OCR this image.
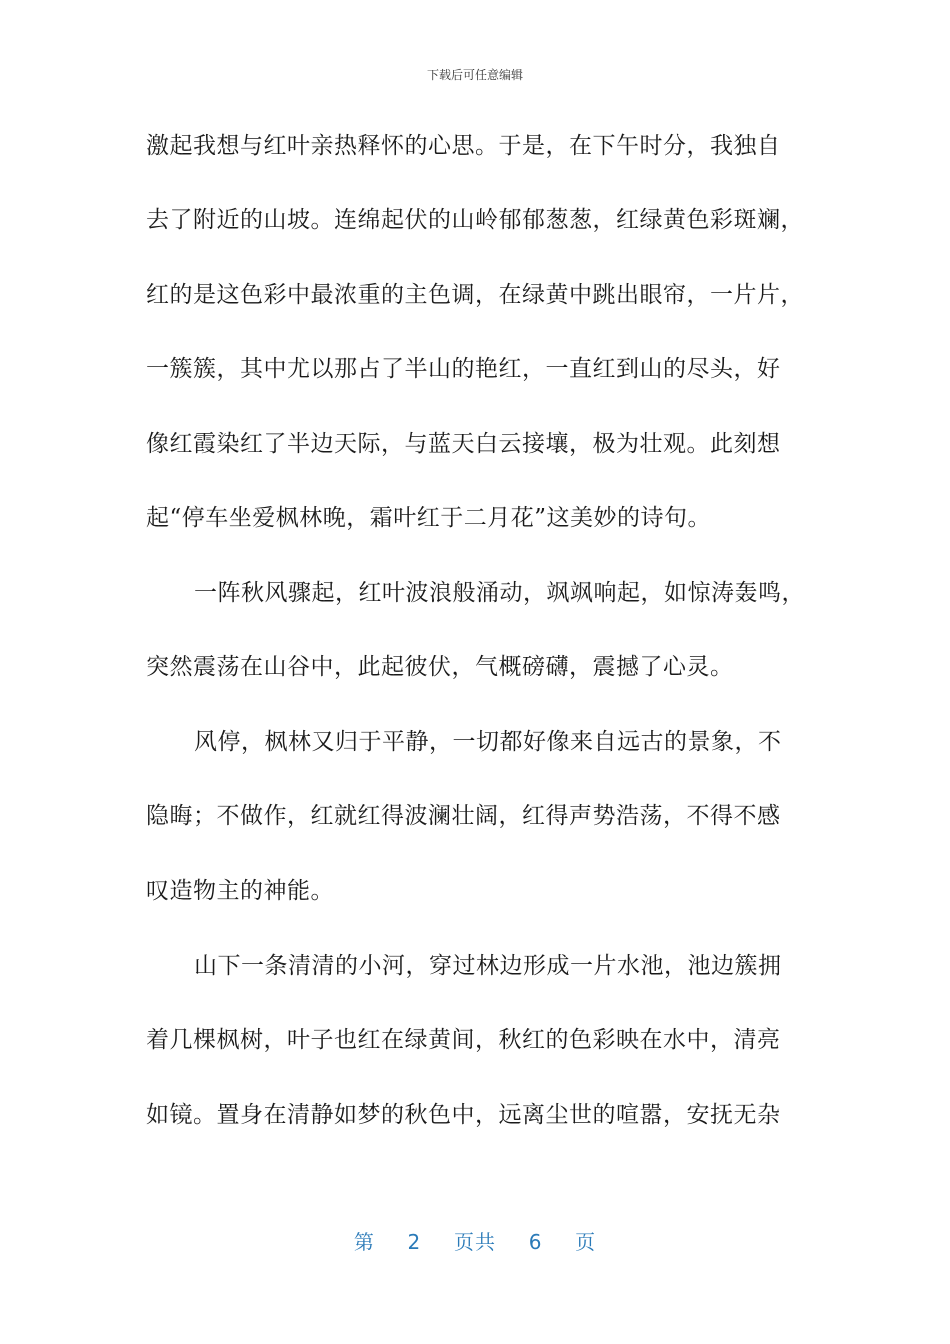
下载后可任意编辑
激起我想与红叶亲热释怀的心思。于是，在下午时分，我独自
去了附近的山坡。连绵起伏的山岭郁郁葱葱，红绿黄色彩斑斓，
红的是这色彩中最浓重的主色调，在绿黄中跳出眼帘，一片片，
一簇簇，其中尤以那占了半山的艳红，一直红到山的尽头，好
像红霞染红了半边天际，与蓝天白云接壤，极为壮观。此刻想
起“停车坐爱枫林晚，霜叶红于二月花”这美妙的诗句。
一阵秋风骤起，红叶波浪般涌动，飒飒响起，如惊涛轰鸣，
突然震荡在山谷中，此起彼伏，气概磅礴，震撼了心灵。
风停，枫林又归于平静，一切都好像来自远古的景象，不
隐晦；不做作，红就红得波澜壮阔，红得声势浩荡，不得不感
叹造物主的神能。
山下一条清清的小河，穿过林边形成一片水池，池边簇拥
着几棵枫树，叶子也红在绿黄间，秋红的色彩映在水中，清亮
如镜。置身在清静如梦的秋色中，远离尘世的喧嚣，安抚无杂
第 2 页共 6 页
